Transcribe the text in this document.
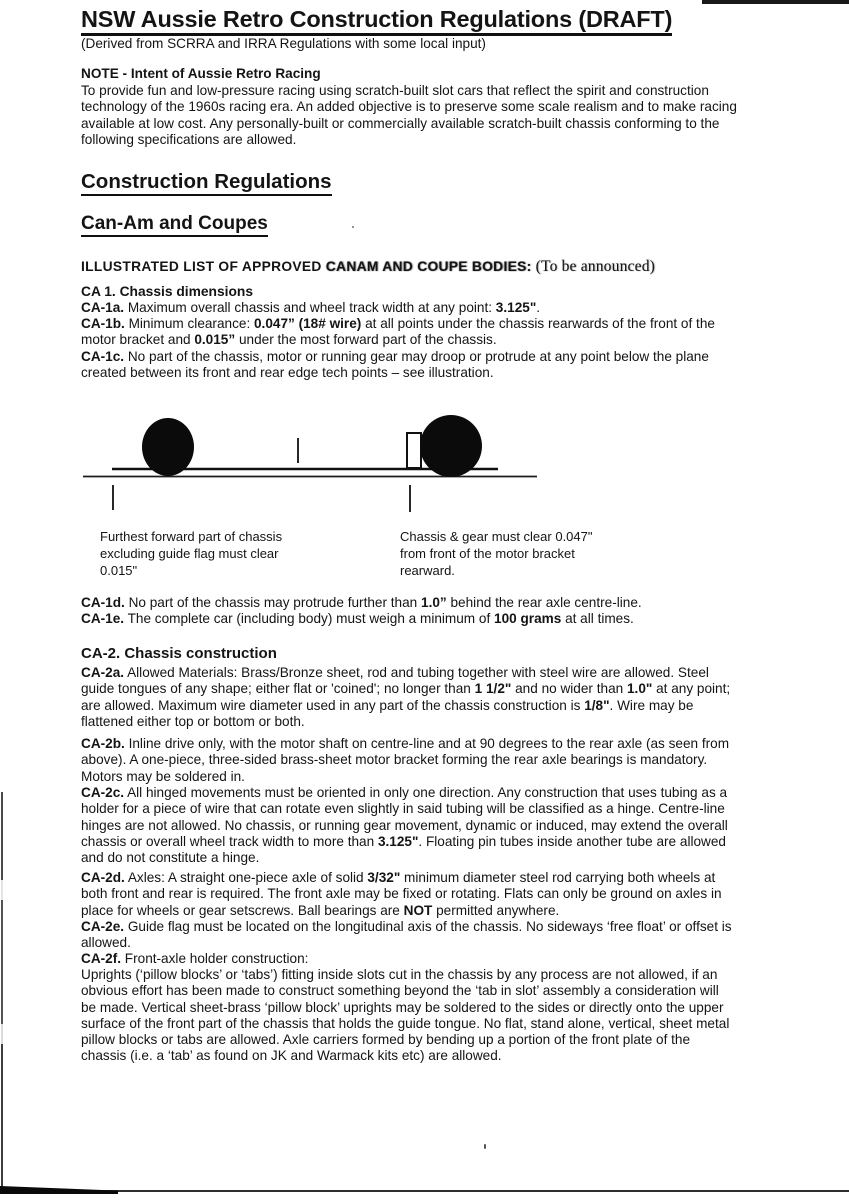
NSW Aussie Retro Construction Regulations (DRAFT)
(Derived from SCRRA and IRRA Regulations with some local input)
NOTE - Intent of Aussie Retro Racing
To provide fun and low-pressure racing using scratch-built slot cars that reflect the spirit and construction
technology of the 1960s racing era. An added objective is to preserve some scale realism and to make racing
available at low cost. Any personally-built or commercially available scratch-built chassis conforming to the
following specifications are allowed.
Construction Regulations
Can-Am and Coupes
ILLUSTRATED LIST OF APPROVED CANAM AND COUPE BODIES: (To be announced)
CA 1. Chassis dimensions
CA-1a. Maximum overall chassis and wheel track width at any point: 3.125".
CA-1b. Minimum clearance: 0.047” (18# wire) at all points under the chassis rearwards of the front of the
motor bracket and 0.015” under the most forward part of the chassis.
CA-1c. No part of the chassis, motor or running gear may droop or protrude at any point below the plane
created between its front and rear edge tech points – see illustration.
Furthest forward part of chassis
excluding guide flag must clear
0.015"
Chassis & gear must clear 0.047"
from front of the motor bracket
rearward.
CA-1d. No part of the chassis may protrude further than 1.0” behind the rear axle centre-line.
CA-1e. The complete car (including body) must weigh a minimum of 100 grams at all times.
CA-2. Chassis construction
CA-2a. Allowed Materials: Brass/Bronze sheet, rod and tubing together with steel wire are allowed. Steel
guide tongues of any shape; either flat or 'coined'; no longer than 1 1/2" and no wider than 1.0" at any point;
are allowed. Maximum wire diameter used in any part of the chassis construction is 1/8". Wire may be
flattened either top or bottom or both.
CA-2b. Inline drive only, with the motor shaft on centre-line and at 90 degrees to the rear axle (as seen from
above). A one-piece, three-sided brass-sheet motor bracket forming the rear axle bearings is mandatory.
Motors may be soldered in.
CA-2c. All hinged movements must be oriented in only one direction. Any construction that uses tubing as a
holder for a piece of wire that can rotate even slightly in said tubing will be classified as a hinge. Centre-line
hinges are not allowed. No chassis, or running gear movement, dynamic or induced, may extend the overall
chassis or overall wheel track width to more than 3.125". Floating pin tubes inside another tube are allowed
and do not constitute a hinge.
CA-2d. Axles: A straight one-piece axle of solid 3/32" minimum diameter steel rod carrying both wheels at
both front and rear is required. The front axle may be fixed or rotating. Flats can only be ground on axles in
place for wheels or gear setscrews. Ball bearings are NOT permitted anywhere.
CA-2e. Guide flag must be located on the longitudinal axis of the chassis. No sideways ‘free float’ or offset is
allowed.
CA-2f. Front-axle holder construction:
Uprights (‘pillow blocks’ or ‘tabs’) fitting inside slots cut in the chassis by any process are not allowed, if an
obvious effort has been made to construct something beyond the ‘tab in slot’ assembly a consideration will
be made. Vertical sheet-brass ‘pillow block’ uprights may be soldered to the sides or directly onto the upper
surface of the front part of the chassis that holds the guide tongue. No flat, stand alone, vertical, sheet metal
pillow blocks or tabs are allowed. Axle carriers formed by bending up a portion of the front plate of the
chassis (i.e. a ‘tab’ as found on JK and Warmack kits etc) are allowed.
